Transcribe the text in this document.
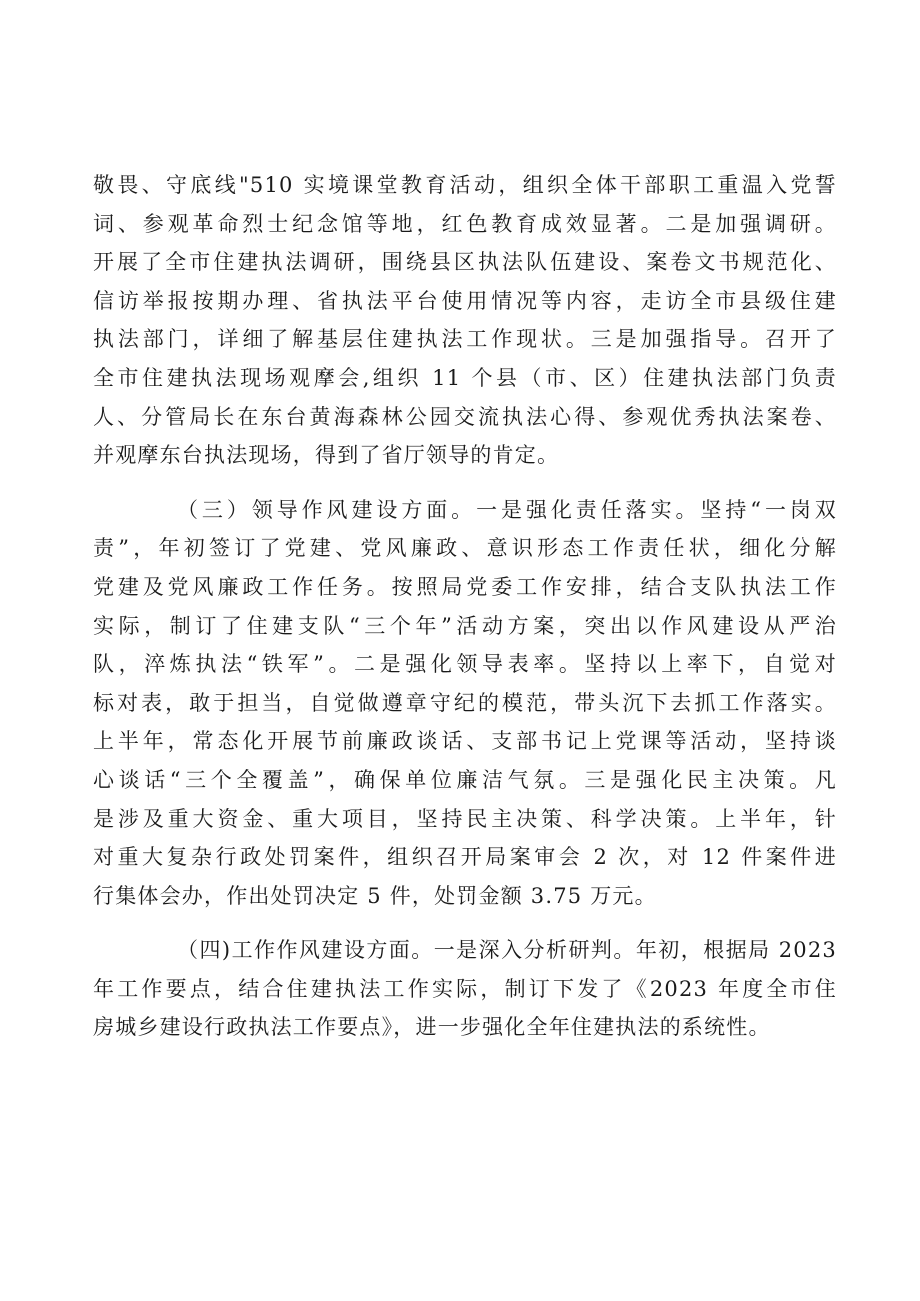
敬畏、守底线"510 实境课堂教育活动，组织全体干部职工重温入党誓
词、参观革命烈士纪念馆等地，红色教育成效显著。二是加强调研。
开展了全市住建执法调研，围绕县区执法队伍建设、案卷文书规范化、
信访举报按期办理、省执法平台使用情况等内容，走访全市县级住建
执法部门，详细了解基层住建执法工作现状。三是加强指导。召开了
全市住建执法现场观摩会,组织 11 个县（市、区）住建执法部门负责
人、分管局长在东台黄海森林公园交流执法心得、参观优秀执法案卷、
并观摩东台执法现场，得到了省厅领导的肯定。
（三）领导作风建设方面。一是强化责任落实。坚持“一岗双
责”，年初签订了党建、党风廉政、意识形态工作责任状，细化分解
党建及党风廉政工作任务。按照局党委工作安排，结合支队执法工作
实际，制订了住建支队“三个年”活动方案，突出以作风建设从严治
队，淬炼执法“铁军”。二是强化领导表率。坚持以上率下，自觉对
标对表，敢于担当，自觉做遵章守纪的模范，带头沉下去抓工作落实。
上半年，常态化开展节前廉政谈话、支部书记上党课等活动，坚持谈
心谈话“三个全覆盖”，确保单位廉洁气氛。三是强化民主决策。凡
是涉及重大资金、重大项目，坚持民主决策、科学决策。上半年，针
对重大复杂行政处罚案件，组织召开局案审会 2 次，对 12 件案件进
行集体会办，作出处罚决定 5 件，处罚金额 3.75 万元。
（四)工作作风建设方面。一是深入分析研判。年初，根据局 2023
年工作要点，结合住建执法工作实际，制订下发了《2023 年度全市住
房城乡建设行政执法工作要点》，进一步强化全年住建执法的系统性。
